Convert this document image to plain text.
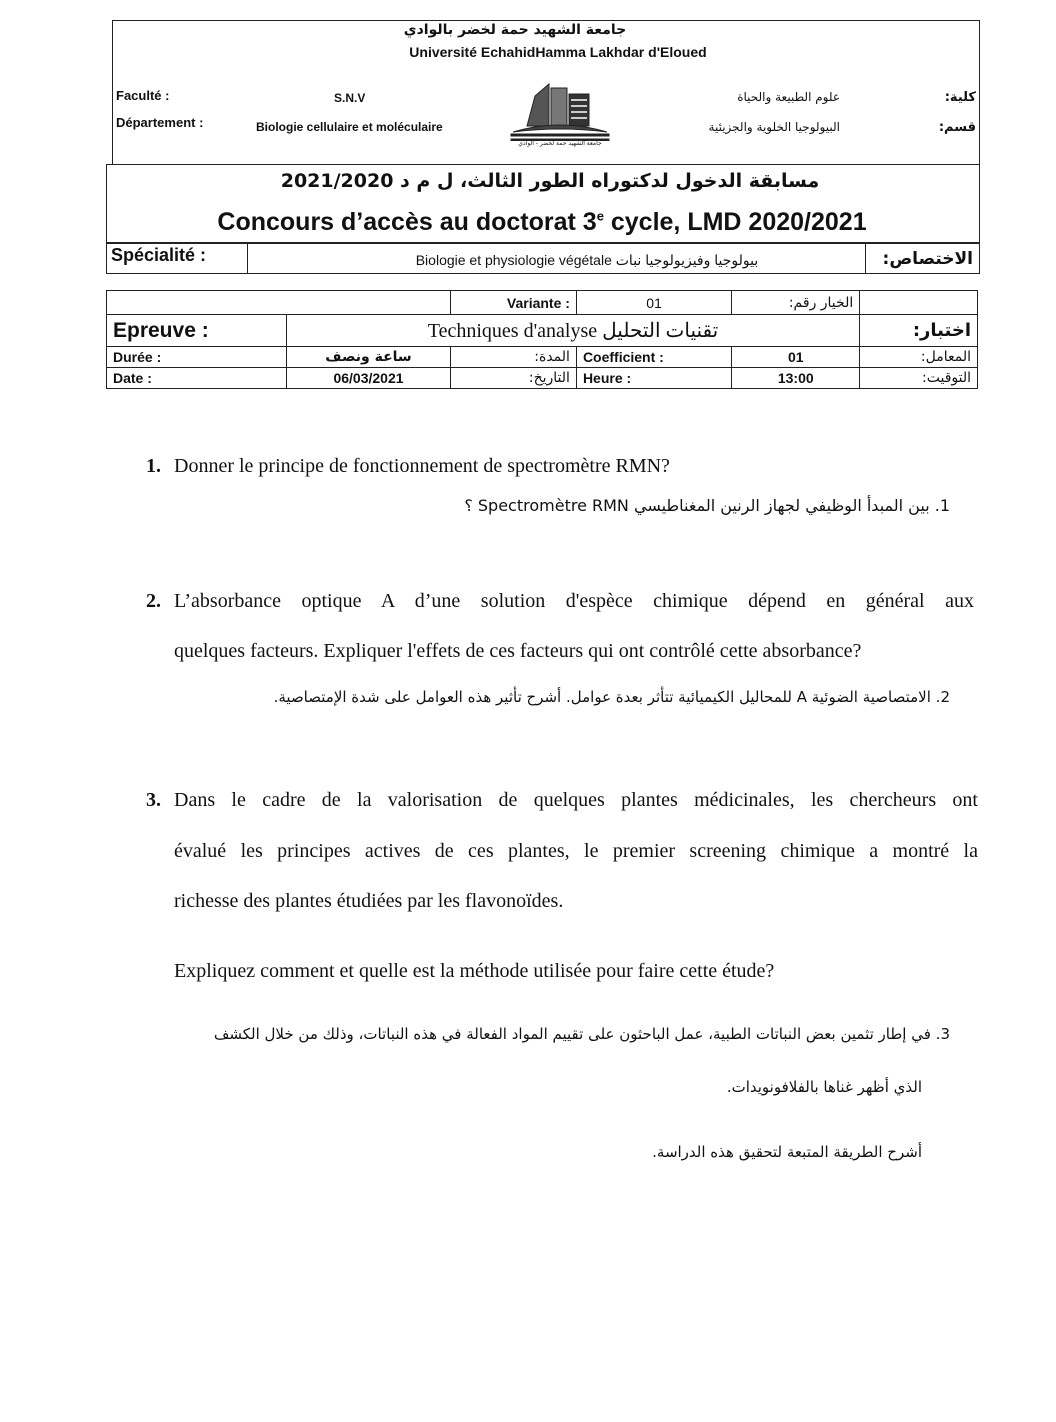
جامعة الشهيد حمة لخضر بالوادي
Université EchahidHamma Lakhdar d'Eloued
Faculté :	S.N.V
Département :	Biologie cellulaire et moléculaire
علوم الطبيعة والحياة	كلية:
البيولوجيا الخلوية والجزيئية	قسم:
جامعة الشهيد حمة لخضر - الوادي
مسابقة الدخول لدكتوراه الطور الثالث، ل م د 2021/2020
Concours d’accès au doctorat 3e cycle, LMD 2020/2021
Spécialité :	Biologie et physiologie végétale بيولوجيا وفيزيولوجيا نبات	الاختصاص:
		Variante :	01	الخيار رقم:	
Epreuve :	Techniques d'analyse تقنيات التحليل				اختبار:
Durée :	ساعة ونصف	المدة:	Coefficient :	01	المعامل:
Date :	06/03/2021	التاريخ:	Heure :	13:00	التوقيت:
1. Donner le principe de fonctionnement de spectromètre RMN?
1. بين المبدأ الوظيفي لجهاز الرنين المغناطيسي Spectromètre RMN ؟
2. L’absorbance optique A d’une solution d'espèce chimique dépend en général aux
quelques facteurs. Expliquer l'effets de ces facteurs qui ont contrôlé cette absorbance?
2. الامتصاصية الضوئية A للمحاليل الكيميائية تتأثر بعدة عوامل. أشرح تأثير هذه العوامل على شدة الإمتصاصية.
3. Dans le cadre de la valorisation de quelques plantes médicinales, les chercheurs ont
évalué les principes actives de ces plantes, le premier screening chimique a montré la
richesse des plantes étudiées par les flavonoïdes.
Expliquez comment et quelle est la méthode utilisée pour faire cette étude?
3. في إطار تثمين بعض النباتات الطبية، عمل الباحثون على تقييم المواد الفعالة في هذه النباتات، وذلك من خلال الكشف
الذي أظهر غناها بالفلافونويدات.
أشرح الطريقة المتبعة لتحقيق هذه الدراسة.
